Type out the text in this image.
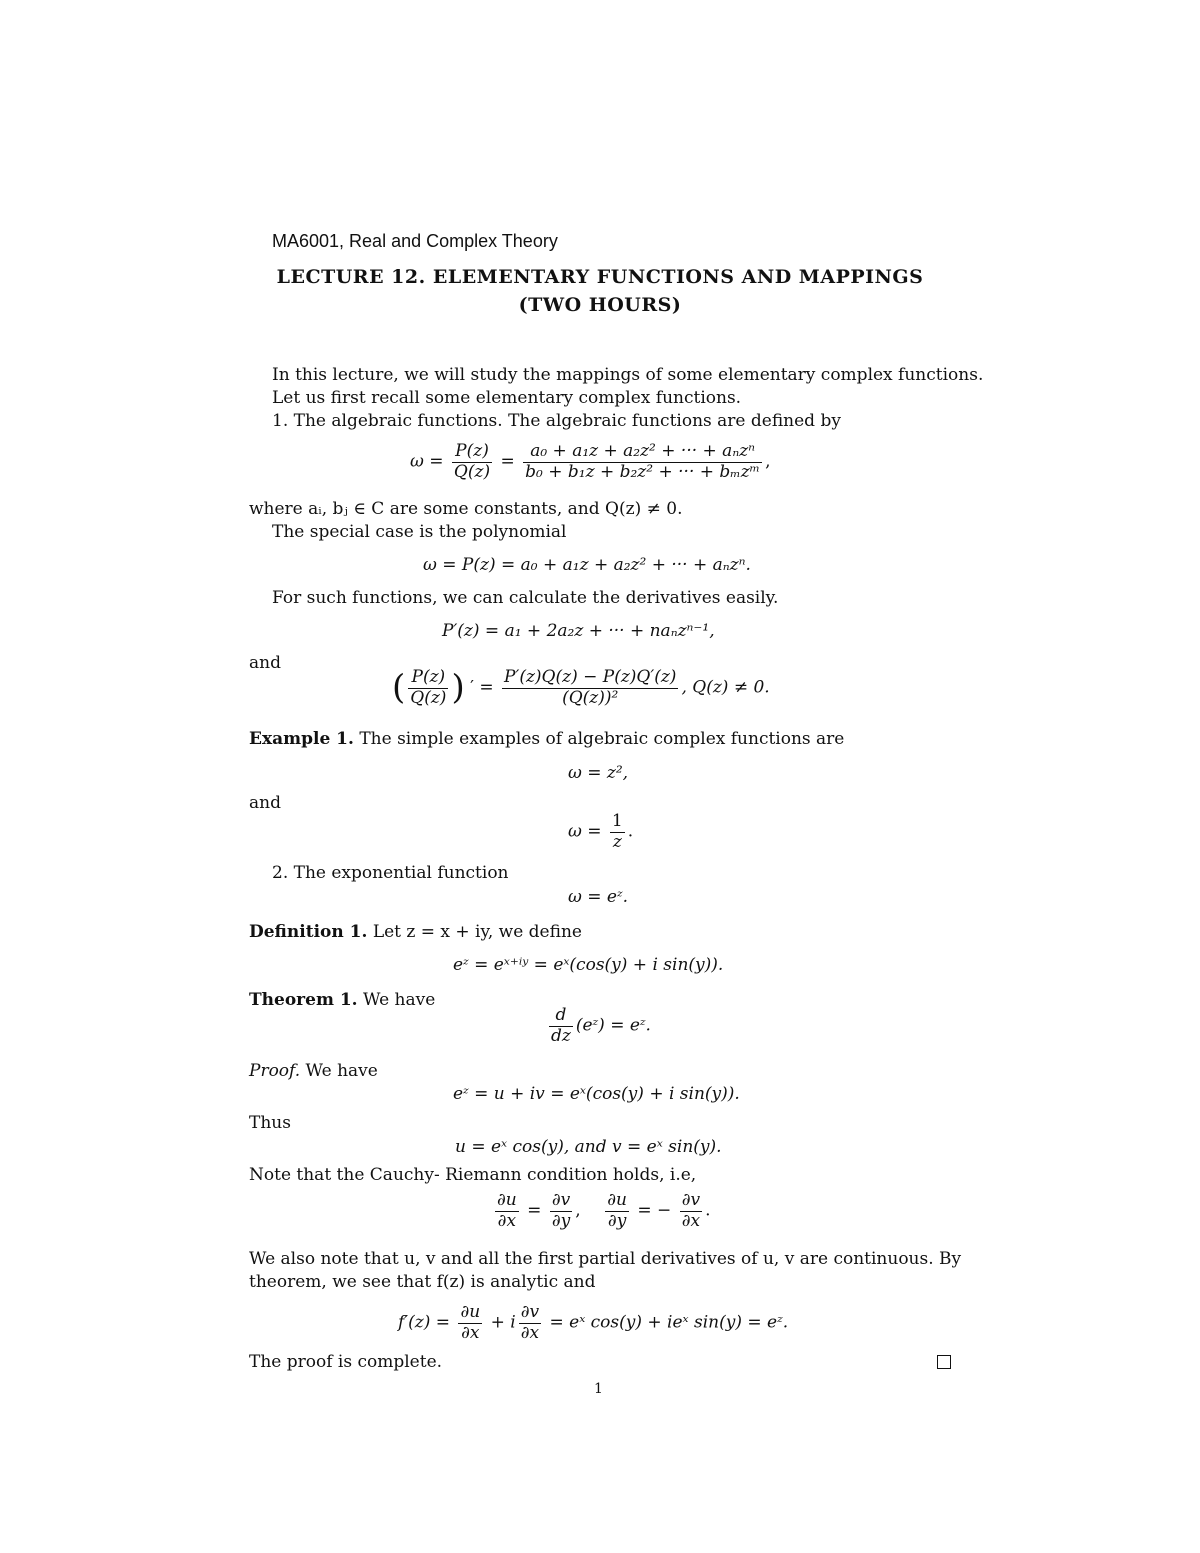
MA6001, Real and Complex Theory
LECTURE 12. ELEMENTARY FUNCTIONS AND MAPPINGS
(TWO HOURS)
In this lecture, we will study the mappings of some elementary complex functions.
Let us first recall some elementary complex functions.
1. The algebraic functions. The algebraic functions are defined by
$\omega = \frac{P(z)}{Q(z)} = \frac{\text{a₀ + a₁z + a₂z² + ··· + aₙzⁿ}}{\text{b₀ + b₁z + b₂z² + ··· + bₘzᵐ}}$ ,
where aᵢ, bⱼ ∈ C are some constants, and Q(z) ≠ 0.
The special case is the polynomial
ω = P(z) = a₀ + a₁z + a₂z² + ··· + aₙzⁿ.
For such functions, we can calculate the derivatives easily.
P′(z) = a₁ + 2a₂z + ··· + naₙzⁿ⁻¹,
and
( $\frac{P(z)}{Q(z)}$ ) ′ = $\frac{P'(z)Q(z) - P(z)Q'(z)}{\text{(Q(z))²}}$ , Q(z) ≠ 0.
Example 1. The simple examples of algebraic complex functions are
ω = z²,
and
$\omega = \frac{1}{z}$ .
2. The exponential function
ω = eᶻ.
Definition 1. Let z = x + iy, we define
eᶻ = eˣ⁺ⁱʸ = eˣ(cos(y) + i sin(y)).
Theorem 1. We have
$\frac{d}{dz}$ (eᶻ) = eᶻ.
Proof. We have
eᶻ = u + iv = eˣ(cos(y) + i sin(y)).
Thus
u = eˣ cos(y), and v = eˣ sin(y).
Note that the Cauchy- Riemann condition holds, i.e,
$\frac{\partial u}{\partial x} = \frac{\partial v}{\partial y}$ , $\frac{\partial u}{\partial y}$ = − $\frac{\partial v}{\partial x}$ .
We also note that u, v and all the first partial derivatives of u, v are continuous. By
theorem, we see that f(z) is analytic and
$f'(z) = \frac{\partial u}{\partial x} + i \frac{\partial v}{\partial x}$ = eˣ cos(y) + ieˣ sin(y) = eᶻ.
The proof is complete.
1
